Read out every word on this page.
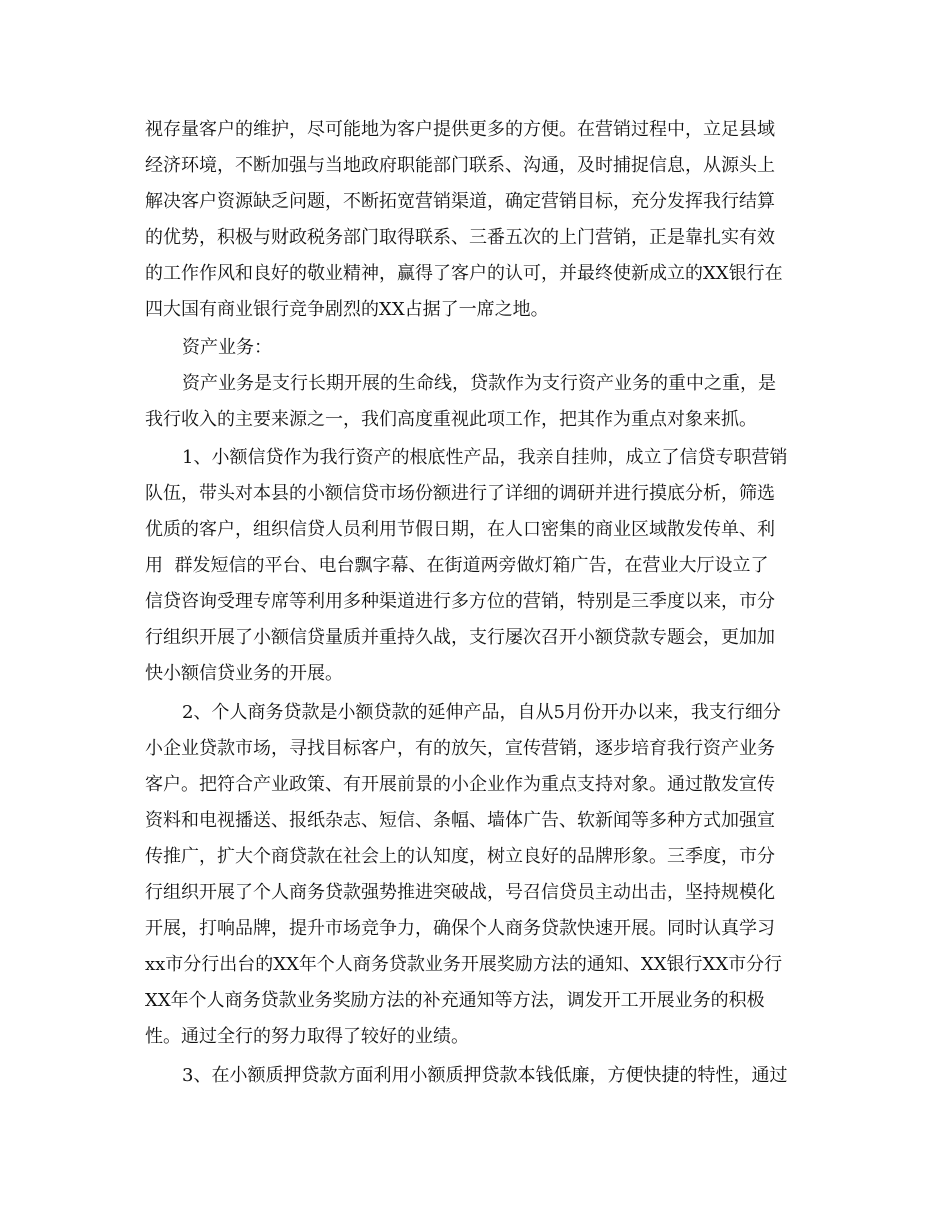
视存量客户的维护，尽可能地为客户提供更多的方便。在营销过程中，立足县域
经济环境，不断加强与当地政府职能部门联系、沟通，及时捕捉信息，从源头上
解决客户资源缺乏问题，不断拓宽营销渠道，确定营销目标，充分发挥我行结算
的优势，积极与财政税务部门取得联系、三番五次的上门营销，正是靠扎实有效
的工作作风和良好的敬业精神，赢得了客户的认可，并最终使新成立的XX银行在
四大国有商业银行竞争剧烈的XX占据了一席之地。
资产业务：
资产业务是支行长期开展的生命线，贷款作为支行资产业务的重中之重，是
我行收入的主要来源之一，我们高度重视此项工作，把其作为重点对象来抓。
1、小额信贷作为我行资产的根底性产品，我亲自挂帅，成立了信贷专职营销
队伍，带头对本县的小额信贷市场份额进行了详细的调研并进行摸底分析，筛选
优质的客户，组织信贷人员利用节假日期，在人口密集的商业区域散发传单、利
用  群发短信的平台、电台飘字幕、在街道两旁做灯箱广告，在营业大厅设立了
信贷咨询受理专席等利用多种渠道进行多方位的营销，特别是三季度以来，市分
行组织开展了小额信贷量质并重持久战，支行屡次召开小额贷款专题会，更加加
快小额信贷业务的开展。
2、个人商务贷款是小额贷款的延伸产品，自从5月份开办以来，我支行细分
小企业贷款市场，寻找目标客户，有的放矢，宣传营销，逐步培育我行资产业务
客户。把符合产业政策、有开展前景的小企业作为重点支持对象。通过散发宣传
资料和电视播送、报纸杂志、短信、条幅、墙体广告、软新闻等多种方式加强宣
传推广，扩大个商贷款在社会上的认知度，树立良好的品牌形象。三季度，市分
行组织开展了个人商务贷款强势推进突破战，号召信贷员主动出击，坚持规模化
开展，打响品牌，提升市场竞争力，确保个人商务贷款快速开展。同时认真学习
xx市分行出台的XX年个人商务贷款业务开展奖励方法的通知、XX银行XX市分行
XX年个人商务贷款业务奖励方法的补充通知等方法，调发开工开展业务的积极
性。通过全行的努力取得了较好的业绩。
3、在小额质押贷款方面利用小额质押贷款本钱低廉，方便快捷的特性，通过
